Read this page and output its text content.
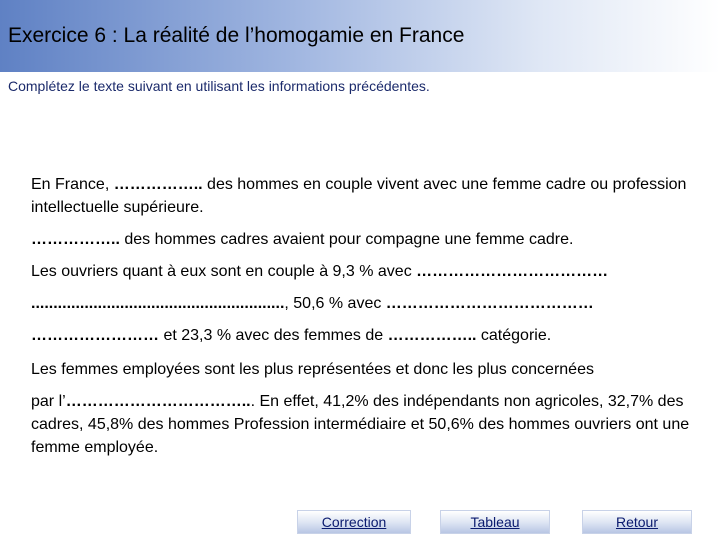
Exercice 6 : La réalité de l’homogamie en France

Complétez le texte suivant en utilisant les informations précédentes.

En France, …………….. des hommes en couple vivent avec une femme cadre ou profession intellectuelle supérieure.

…………….. des hommes cadres avaient pour compagne une femme cadre.

Les ouvriers quant à eux sont en couple à 9,3 % avec ………………………………

........................................................., 50,6 % avec …………………………………

…………………… et 23,3 % avec des femmes de …………….. catégorie.

Les femmes employées sont les plus représentées et donc les plus concernées

par l’……………………………... En effet, 41,2% des indépendants non agricoles, 32,7% des cadres, 45,8% des hommes Profession intermédiaire et 50,6% des hommes ouvriers ont une femme employée.

Correction	Tableau	Retour
